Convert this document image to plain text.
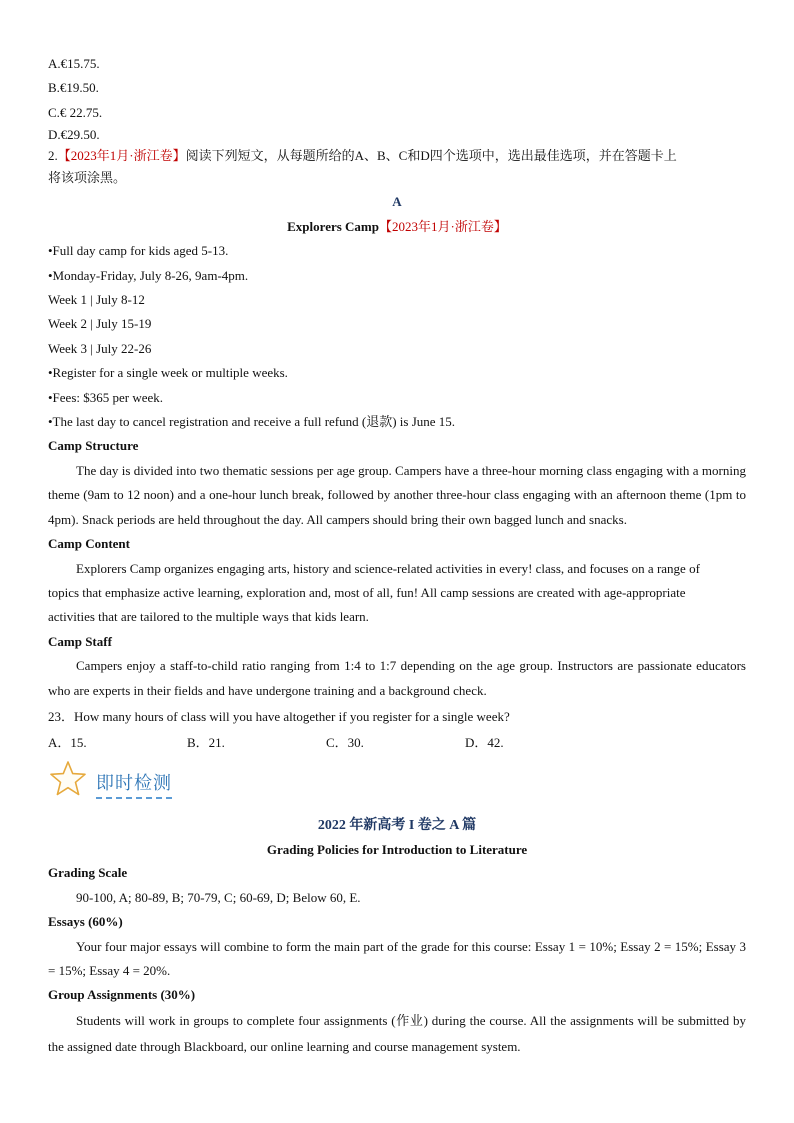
A.€15.75.
B.€19.50.
C.€ 22.75.
D.€29.50.
2.【2023年1月·浙江卷】阅读下列短文，从每题所给的A、B、C和D四个选项中，选出最佳选项，并在答题卡上
将该项涂黑。
A
Explorers Camp【2023年1月·浙江卷】
•Full day camp for kids aged 5-13.
•Monday-Friday, July 8-26, 9am-4pm.
Week 1 | July 8-12
Week 2 | July 15-19
Week 3 | July 22-26
•Register for a single week or multiple weeks.
•Fees: $365 per week.
•The last day to cancel registration and receive a full refund (退款) is June 15.
Camp Structure
The day is divided into two thematic sessions per age group. Campers have a three-hour morning class engaging with a morning theme (9am to 12 noon) and a one-hour lunch break, followed by another three-hour class engaging with an afternoon theme (1pm to 4pm). Snack periods are held throughout the day. All campers should bring their own bagged lunch and snacks.
Camp Content
Explorers Camp organizes engaging arts, history and science-related activities in every! class, and focuses on a range of topics that emphasize active learning, exploration and, most of all, fun! All camp sessions are created with age-appropriate activities that are tailored to the multiple ways that kids learn.
Camp Staff
Campers enjoy a staff-to-child ratio ranging from 1:4 to 1:7 depending on the age group. Instructors are passionate educators who are experts in their fields and have undergone training and a background check.
23．How many hours of class will you have altogether if you register for a single week?
A．15.	B．21.	C．30.	D．42.
即时检测
2022 年新高考 I 卷之 A 篇
Grading Policies for Introduction to Literature
Grading Scale
90-100, A; 80-89, B; 70-79, C; 60-69, D; Below 60, E.
Essays (60%)
Your four major essays will combine to form the main part of the grade for this course: Essay 1 = 10%; Essay 2 = 15%; Essay 3 = 15%; Essay 4 = 20%.
Group Assignments (30%)
Students will work in groups to complete four assignments (作业) during the course. All the assignments will be submitted by the assigned date through Blackboard, our online learning and course management system.
